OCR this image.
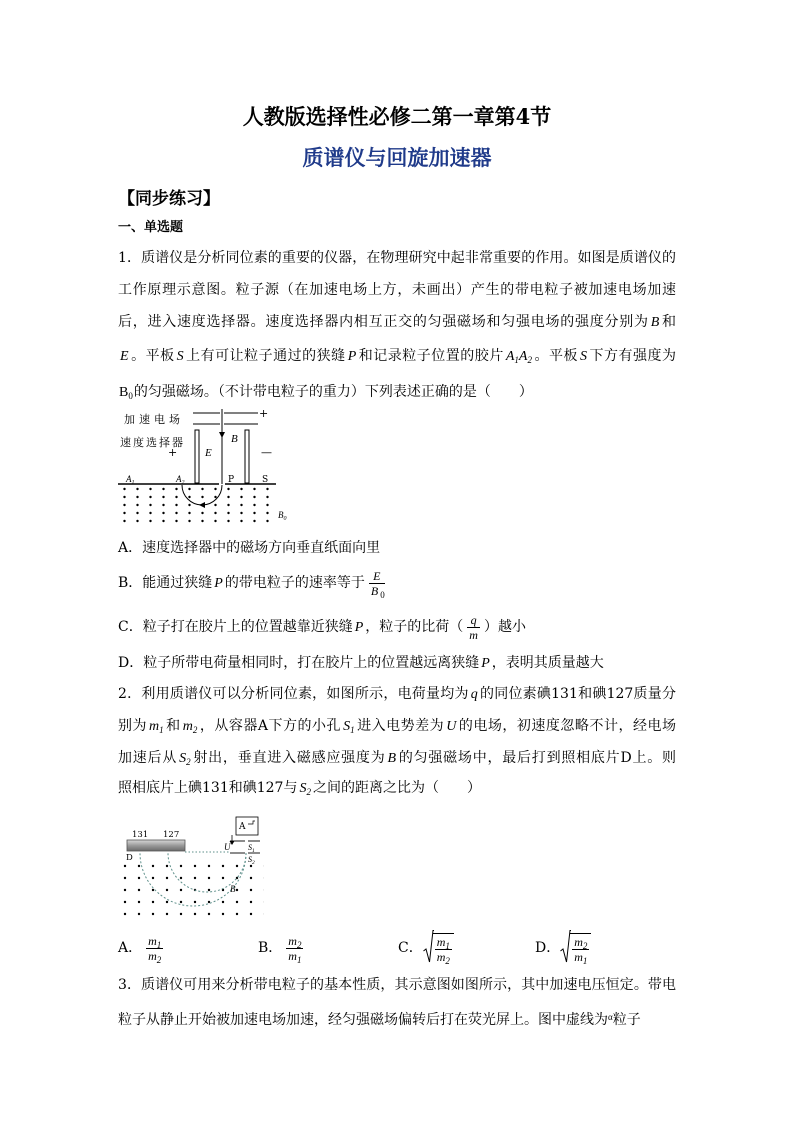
人教版选择性必修二第一章第4节
质谱仪与回旋加速器
【同步练习】
一、单选题
1．质谱仪是分析同位素的重要的仪器，在物理研究中起非常重要的作用。如图是质谱仪的
工作原理示意图。粒子源（在加速电场上方，未画出）产生的带电粒子被加速电场加速
后，进入速度选择器。速度选择器内相互正交的匀强磁场和匀强电场的强度分别为 B 和
E 。平板 S 上有可让粒子通过的狭缝 P 和记录粒子位置的胶片 $A_1A_2$ 。平板 S 下方有强度为
$B_0$的匀强磁场。（不计带电粒子的重力）下列表述正确的是（　　）
加速电场	+
速度选择器
+	E
B
—
$A_1$	$A_2$	P	S
$B_0$
A．速度选择器中的磁场方向垂直纸面向里
B．能通过狭缝 P 的带电粒子的速率等于 $\frac{E}{B _0}$
C．粒子打在胶片上的位置越靠近狭缝 P ，粒子的比荷（ $\frac{q}{m}$ ）越小
D．粒子所带电荷量相同时，打在胶片上的位置越远离狭缝 P ，表明其质量越大
2．利用质谱仪可以分析同位素，如图所示，电荷量均为 q 的同位素碘131和碘127质量分
别为 $m_1$ 和 $m_2$ ，从容器A下方的小孔 $S_1$ 进入电势差为 U 的电场，初速度忽略不计，经电场
加速后从 $S_2$ 射出，垂直进入磁感应强度为 B 的匀强磁场中，最后打到照相底片D上。则
照相底片上碘131和碘127与 $S_2$ 之间的距离之比为（　　）
131 127
A
U $S_1$
$S_2$
D
B
A． $\frac{m_1}{m_2}$	B． $\frac{m_2}{m_1}$	C． $\frac{m_1}{m_2}$	D． $\frac{m_2}{m_1}$
3．质谱仪可用来分析带电粒子的基本性质，其示意图如图所示，其中加速电压恒定。带电
粒子从静止开始被加速电场加速，经匀强磁场偏转后打在荧光屏上。图中虚线为$^\alpha$粒子
